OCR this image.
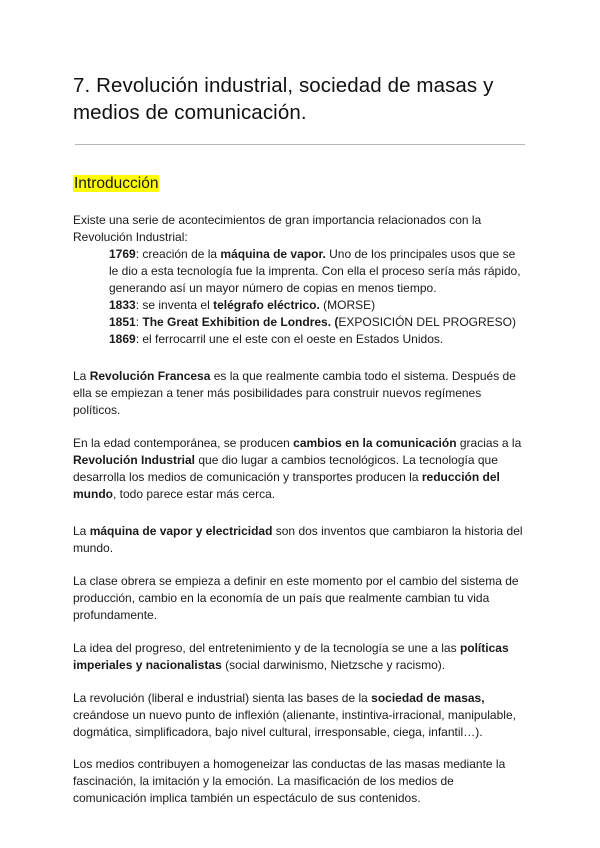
7. Revolución industrial, sociedad de masas y medios de comunicación.
Introducción

Existe una serie de acontecimientos de gran importancia relacionados con la Revolución Industrial:

1769: creación de la máquina de vapor. Uno de los principales usos que se le dio a esta tecnología fue la imprenta. Con ella el proceso sería más rápido, generando así un mayor número de copias en menos tiempo.
1833: se inventa el telégrafo eléctrico. (MORSE)
1851: The Great Exhibition de Londres. (EXPOSICIÓN DEL PROGRESO)
1869: el ferrocarril une el este con el oeste en Estados Unidos.

La Revolución Francesa es la que realmente cambia todo el sistema. Después de ella se empiezan a tener más posibilidades para construir nuevos regímenes políticos.

En la edad contemporánea, se producen cambios en la comunicación gracias a la Revolución Industrial que dio lugar a cambios tecnológicos. La tecnología que desarrolla los medios de comunicación y transportes producen la reducción del mundo, todo parece estar más cerca.

La máquina de vapor y electricidad son dos inventos que cambiaron la historia del mundo.

La clase obrera se empieza a definir en este momento por el cambio del sistema de producción, cambio en la economía de un país que realmente cambian tu vida profundamente.

La idea del progreso, del entretenimiento y de la tecnología se une a las políticas imperiales y nacionalistas (social darwinismo, Nietzsche y racismo).

La revolución (liberal e industrial) sienta las bases de la sociedad de masas, creándose un nuevo punto de inflexión (alienante, instintiva-irracional, manipulable, dogmática, simplificadora, bajo nivel cultural, irresponsable, ciega, infantil…).

Los medios contribuyen a homogeneizar las conductas de las masas mediante la fascinación, la imitación y la emoción. La masificación de los medios de comunicación implica también un espectáculo de sus contenidos.
